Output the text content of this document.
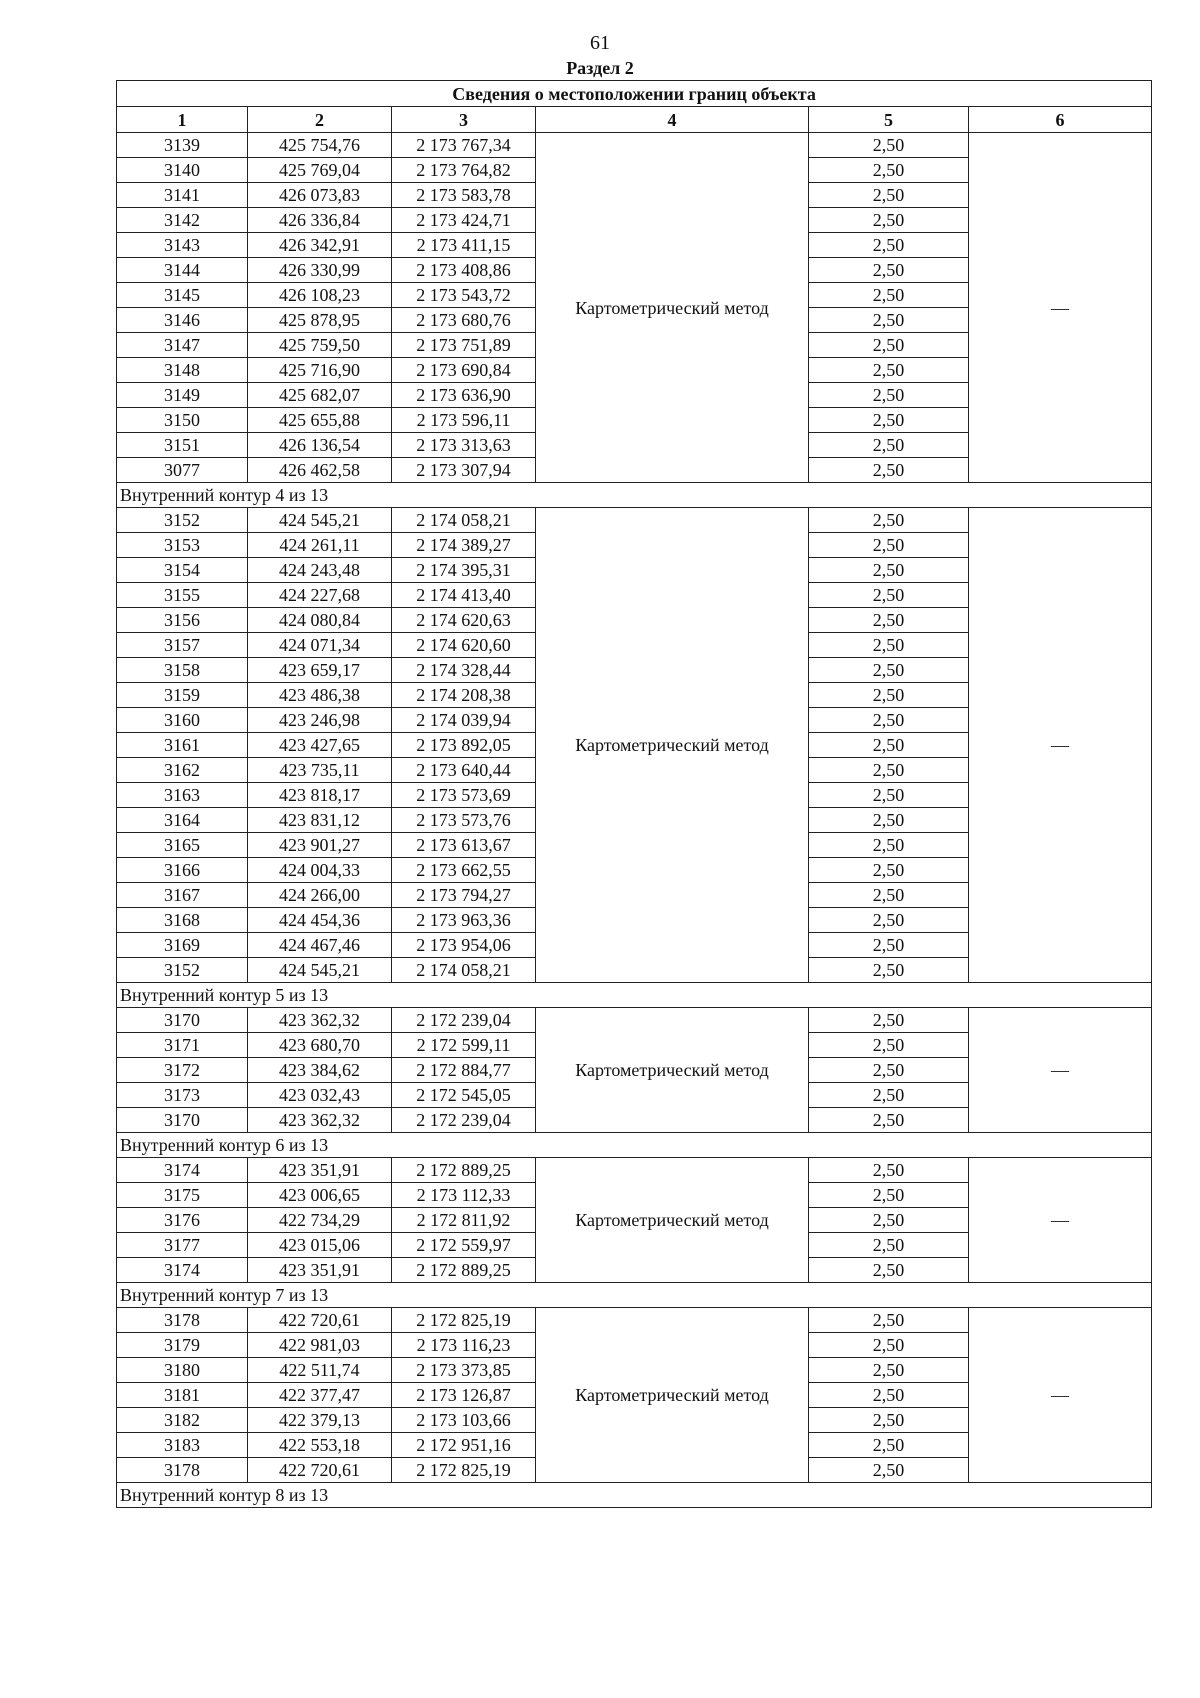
61
Раздел 2
Сведения о местоположении границ объекта					
1	2	3	4	5	6
3139	425 754,76	2 173 767,34	Картометрический метод	2,50	—
3140	425 769,04	2 173 764,82		2,50	
3141	426 073,83	2 173 583,78		2,50	
3142	426 336,84	2 173 424,71		2,50	
3143	426 342,91	2 173 411,15		2,50	
3144	426 330,99	2 173 408,86		2,50	
3145	426 108,23	2 173 543,72		2,50	
3146	425 878,95	2 173 680,76		2,50	
3147	425 759,50	2 173 751,89		2,50	
3148	425 716,90	2 173 690,84		2,50	
3149	425 682,07	2 173 636,90		2,50	
3150	425 655,88	2 173 596,11		2,50	
3151	426 136,54	2 173 313,63		2,50	
3077	426 462,58	2 173 307,94		2,50	
Внутренний контур 4 из 13					
3152	424 545,21	2 174 058,21	Картометрический метод	2,50	—
3153	424 261,11	2 174 389,27		2,50	
3154	424 243,48	2 174 395,31		2,50	
3155	424 227,68	2 174 413,40		2,50	
3156	424 080,84	2 174 620,63		2,50	
3157	424 071,34	2 174 620,60		2,50	
3158	423 659,17	2 174 328,44		2,50	
3159	423 486,38	2 174 208,38		2,50	
3160	423 246,98	2 174 039,94		2,50	
3161	423 427,65	2 173 892,05		2,50	
3162	423 735,11	2 173 640,44		2,50	
3163	423 818,17	2 173 573,69		2,50	
3164	423 831,12	2 173 573,76		2,50	
3165	423 901,27	2 173 613,67		2,50	
3166	424 004,33	2 173 662,55		2,50	
3167	424 266,00	2 173 794,27		2,50	
3168	424 454,36	2 173 963,36		2,50	
3169	424 467,46	2 173 954,06		2,50	
3152	424 545,21	2 174 058,21		2,50	
Внутренний контур 5 из 13					
3170	423 362,32	2 172 239,04	Картометрический метод	2,50	—
3171	423 680,70	2 172 599,11		2,50	
3172	423 384,62	2 172 884,77		2,50	
3173	423 032,43	2 172 545,05		2,50	
3170	423 362,32	2 172 239,04		2,50	
Внутренний контур 6 из 13					
3174	423 351,91	2 172 889,25	Картометрический метод	2,50	—
3175	423 006,65	2 173 112,33		2,50	
3176	422 734,29	2 172 811,92		2,50	
3177	423 015,06	2 172 559,97		2,50	
3174	423 351,91	2 172 889,25		2,50	
Внутренний контур 7 из 13					
3178	422 720,61	2 172 825,19	Картометрический метод	2,50	—
3179	422 981,03	2 173 116,23		2,50	
3180	422 511,74	2 173 373,85		2,50	
3181	422 377,47	2 173 126,87		2,50	
3182	422 379,13	2 173 103,66		2,50	
3183	422 553,18	2 172 951,16		2,50	
3178	422 720,61	2 172 825,19		2,50	
Внутренний контур 8 из 13					
